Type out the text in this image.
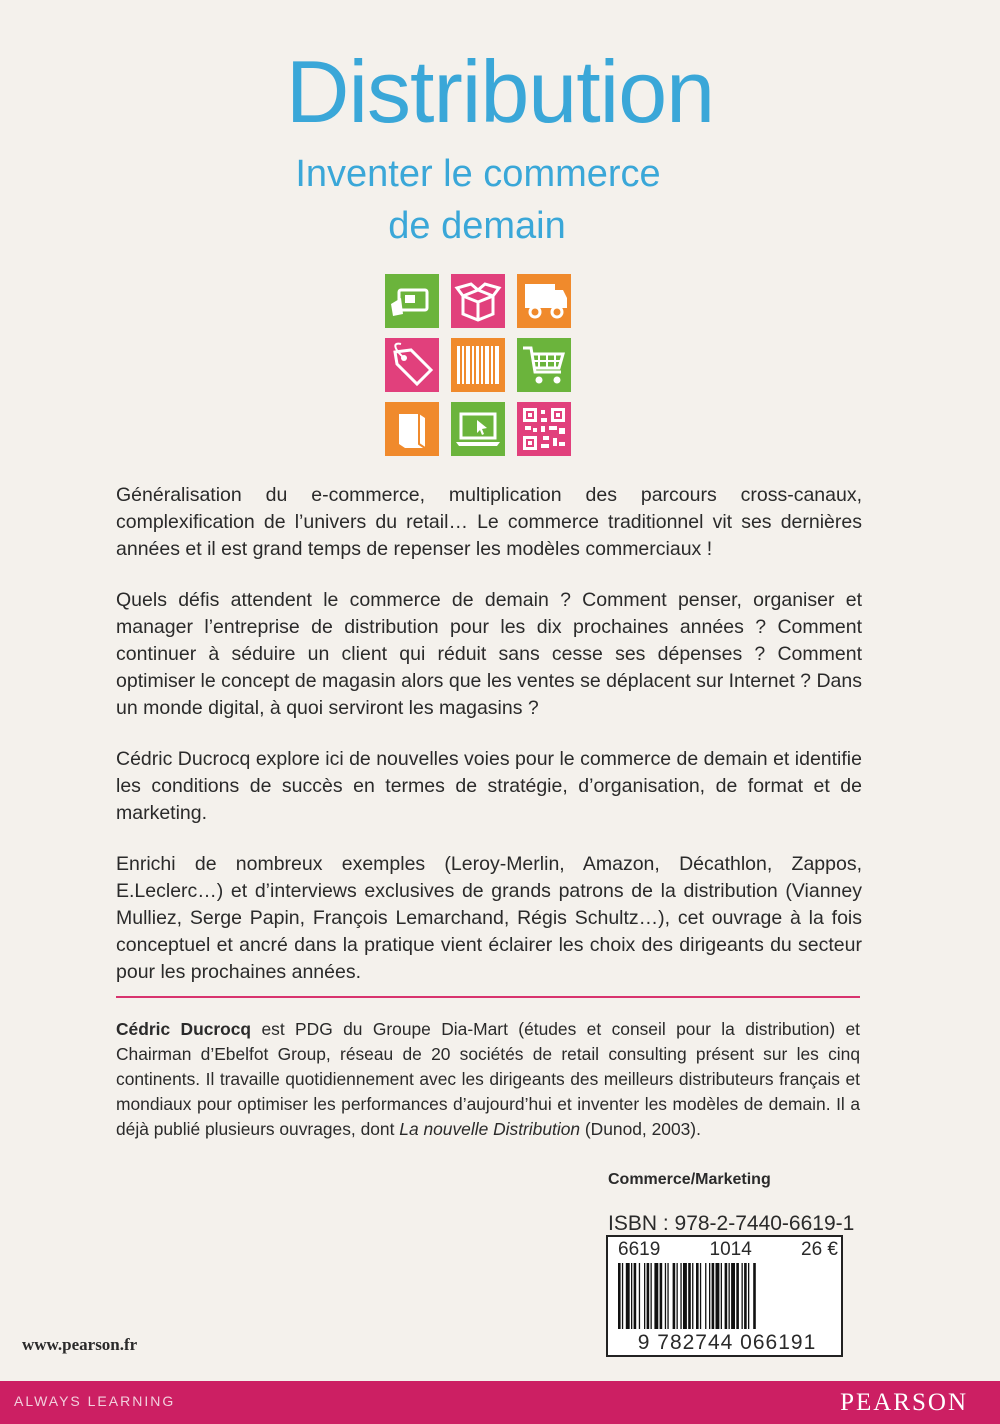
Distribution
Inventer le commerce
de demain

Généralisation du e-commerce, multiplication des parcours cross-canaux, complexification de l’univers du retail… Le commerce traditionnel vit ses dernières années et il est grand temps de repenser les modèles commerciaux !

Quels défis attendent le commerce de demain ? Comment penser, organiser et manager l’entreprise de distribution pour les dix prochaines années ? Comment continuer à séduire un client qui réduit sans cesse ses dépenses ? Comment optimiser le concept de magasin alors que les ventes se déplacent sur Internet ? Dans un monde digital, à quoi serviront les magasins ?

Cédric Ducrocq explore ici de nouvelles voies pour le commerce de demain et identifie les conditions de succès en termes de stratégie, d’organisation, de format et de marketing.

Enrichi de nombreux exemples (Leroy-Merlin, Amazon, Décathlon, Zappos, E.Leclerc…) et d’interviews exclusives de grands patrons de la distribution (Vianney Mulliez, Serge Papin, François Lemarchand, Régis Schultz…), cet ouvrage à la fois conceptuel et ancré dans la pratique vient éclairer les choix des dirigeants du secteur pour les prochaines années.

Cédric Ducrocq est PDG du Groupe Dia-Mart (études et conseil pour la distribution) et Chairman d’Ebelfot Group, réseau de 20 sociétés de retail consulting présent sur les cinq continents. Il travaille quotidiennement avec les dirigeants des meilleurs distributeurs français et mondiaux pour optimiser les performances d’aujourd’hui et inventer les modèles de demain. Il a déjà publié plusieurs ouvrages, dont La nouvelle Distribution (Dunod, 2003).
Commerce/Marketing
ISBN : 978-2-7440-6619-1
6619	1014	26 €
9 782744 066191
www.pearson.fr
ALWAYS LEARNING	PEARSON
